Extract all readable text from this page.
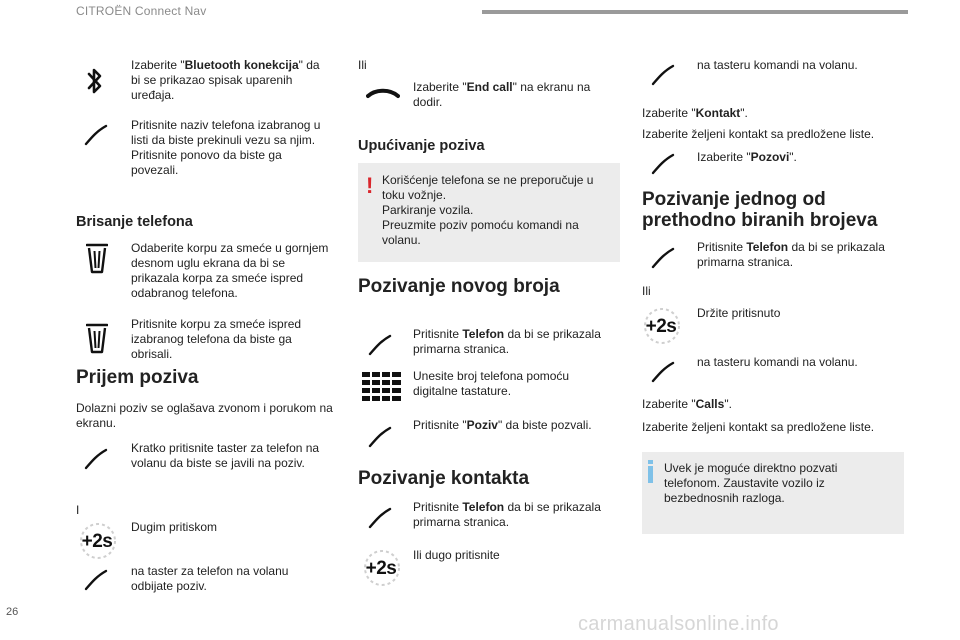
CITROËN Connect Nav
26
carmanualsonline.info
Izaberite "Bluetooth konekcija" da bi se prikazao spisak uparenih uređaja.
Pritisnite naziv telefona izabranog u listi da biste prekinuli vezu sa njim. Pritisnite ponovo da biste ga povezali.
Brisanje telefona
Odaberite korpu za smeće u gornjem desnom uglu ekrana da bi se prikazala korpa za smeće ispred odabranog telefona.
Pritisnite korpu za smeće ispred izabranog telefona da biste ga obrisali.
Prijem poziva
Dolazni poziv se oglašava zvonom i porukom na ekranu.
Kratko pritisnite taster za telefon na volanu da biste se javili na poziv.
I
+2s
Dugim pritiskom
na taster za telefon na volanu odbijate poziv.
Ili
Izaberite "End call" na ekranu na dodir.
Upućivanje poziva
! Korišćenje telefona se ne preporučuje u toku vožnje.
Parkiranje vozila.
Preuzmite poziv pomoću komandi na volanu.
Pozivanje novog broja
Pritisnite Telefon da bi se prikazala primarna stranica.
Unesite broj telefona pomoću digitalne tastature.
Pritisnite "Poziv" da biste pozvali.
Pozivanje kontakta
Pritisnite Telefon da bi se prikazala primarna stranica.
+2s
Ili dugo pritisnite
na tasteru komandi na volanu.
Izaberite "Kontakt".
Izaberite željeni kontakt sa predložene liste.
Izaberite "Pozovi".
Pozivanje jednog od prethodno biranih brojeva
Pritisnite Telefon da bi se prikazala primarna stranica.
Ili
+2s
Držite pritisnuto
na tasteru komandi na volanu.
Izaberite "Calls".
Izaberite željeni kontakt sa predložene liste.
Uvek je moguće direktno pozvati telefonom. Zaustavite vozilo iz bezbednosnih razloga.
